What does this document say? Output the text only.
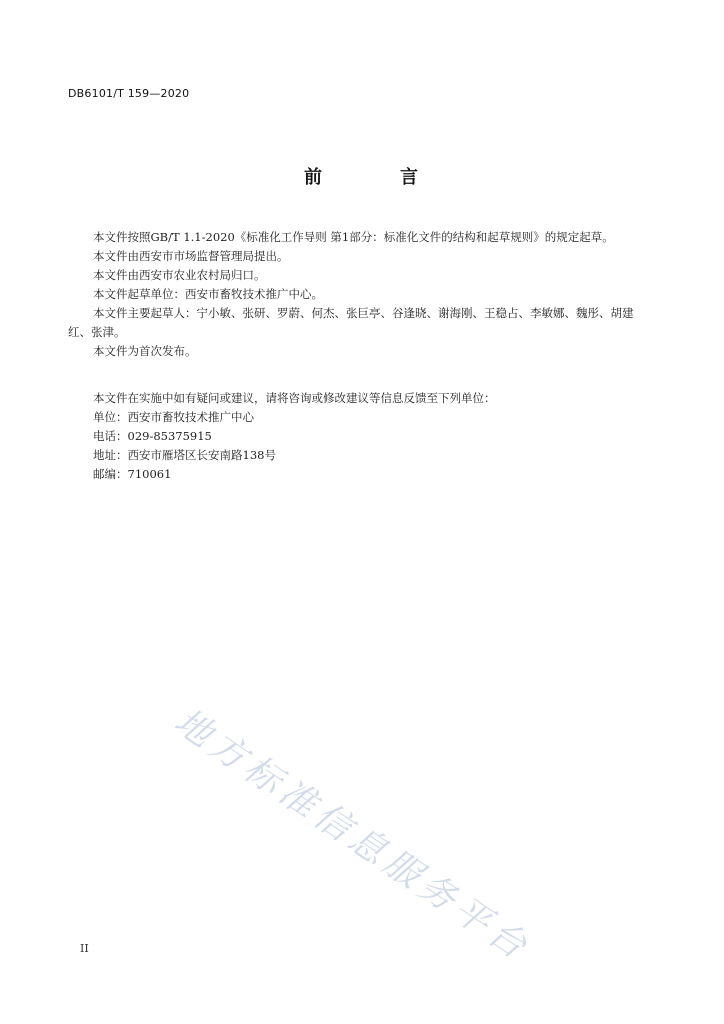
DB6101/T 159—2020
前　言

本文件按照GB/T 1.1-2020《标准化工作导则 第1部分：标准化文件的结构和起草规则》的规定起草。

本文件由西安市市场监督管理局提出。

本文件由西安市农业农村局归口。

本文件起草单位：西安市畜牧技术推广中心。

本文件主要起草人：宁小敏、张研、罗蔚、何杰、张巨亭、谷逢晓、谢海刚、王稳占、李敏娜、魏彤、胡建红、张津。

本文件为首次发布。

本文件在实施中如有疑问或建议，请将咨询或修改建议等信息反馈至下列单位：

单位：西安市畜牧技术推广中心

电话：029-85375915

地址：西安市雁塔区长安南路138号

邮编：710061

地方标准信息服务平台
II
